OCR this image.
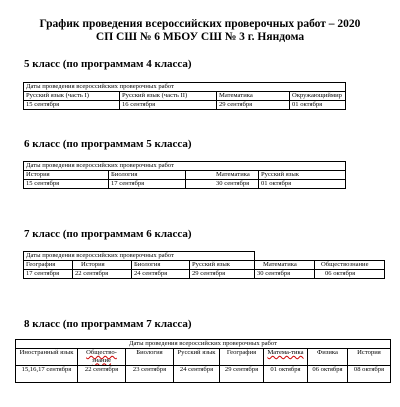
График проведения всероссийских проверочных работ – 2020
СП СШ № 6 МБОУ СШ № 3 г. Няндома
5 класс (по программам 4 класса)
Даты проведения всероссийских проверочных работ			
Русский язык (часть I)	Русский язык (часть II)	Математика	Окружающиймир
15 сентября	16 сентября	29 сентября	01 октября
6 класс (по программам 5 класса)
Даты проведения всероссийских проверочных работ			
История	Биология	Математика	Русский язык
15 сентября	17 сентября	30 сентября	01 октября
7 класс (по программам 6 класса)
Даты проведения всероссийских проверочных работ					
География	История	Биология	Русский язык	Математика	Обществознание
17 сентября	22 сентября	24 сентября	29 сентября	30 сентября	06 октября
8 класс (по программам 7 класса)
Даты проведения всероссийских проверочных работ							
Иностранный язык	Общество-знание	Биология	Русский язык	География	Матема-тика	Физика	История
15,16,17 сентября	22 сентября	23 сентября	24 сентября	29 сентября	01 октября	06 октября	08 октября
